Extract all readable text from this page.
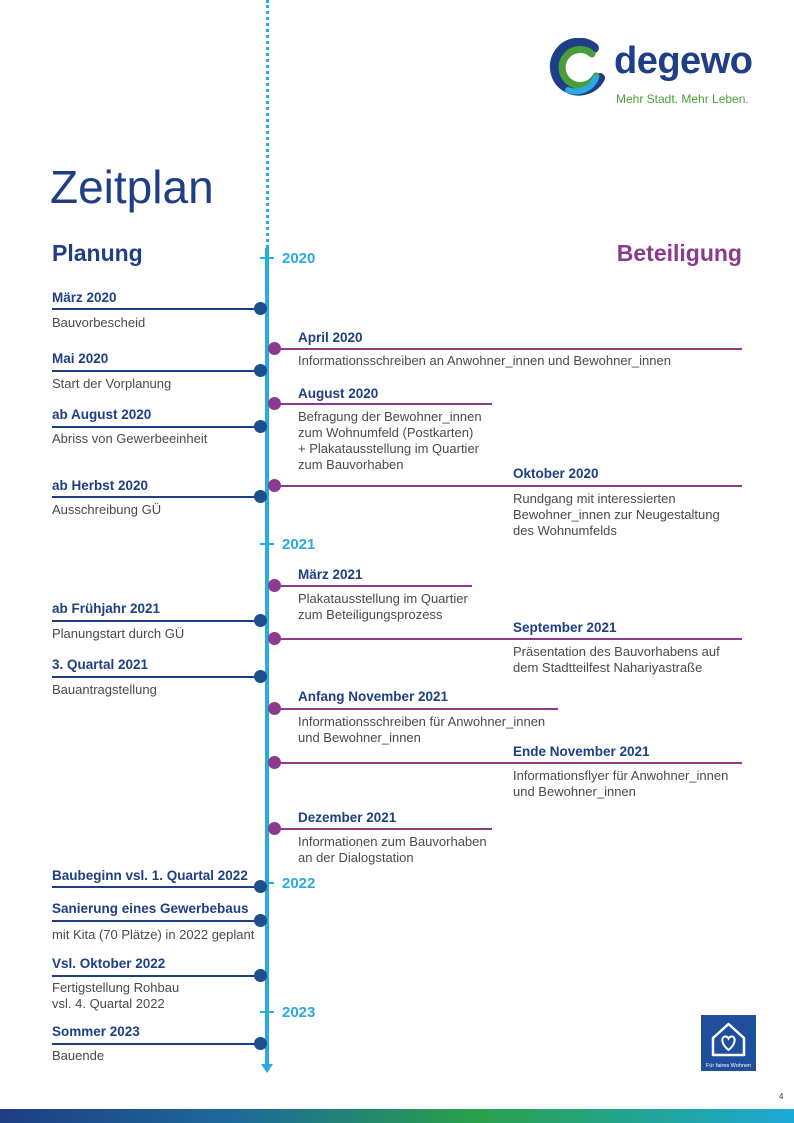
degewo
Mehr Stadt. Mehr Leben.
Zeitplan
Planung	Beteiligung
2020
2021
2022
2023
März 2020
Bauvorbescheid
Mai 2020
Start der Vorplanung
ab August 2020
Abriss von Gewerbeeinheit
ab Herbst 2020
Ausschreibung GÜ
ab Frühjahr 2021
Planungstart durch GÜ
3. Quartal 2021
Bauantragstellung
Baubeginn vsl. 1. Quartal 2022
Sanierung eines Gewerbebaus
mit Kita (70 Plätze) in 2022 geplant
Vsl. Oktober 2022
Fertigstellung Rohbau
vsl. 4. Quartal 2022
Sommer 2023
Bauende
April 2020
Informationsschreiben an Anwohner_innen und Bewohner_innen
August 2020
Befragung der Bewohner_innen
zum Wohnumfeld (Postkarten)
+ Plakatausstellung im Quartier
zum Bauvorhaben
Oktober 2020
Rundgang mit interessierten
Bewohner_innen zur Neugestaltung
des Wohnumfelds
März 2021
Plakatausstellung im Quartier
zum Beteiligungsprozess
September 2021
Präsentation des Bauvorhabens auf
dem Stadtteilfest Nahariyastraße
Anfang November 2021
Informationsschreiben für Anwohner_innen
und Bewohner_innen
Ende November 2021
Informationsflyer für Anwohner_innen
und Bewohner_innen
Dezember 2021
Informationen zum Bauvorhaben
an der Dialogstation
Für faires Wohnen
4
